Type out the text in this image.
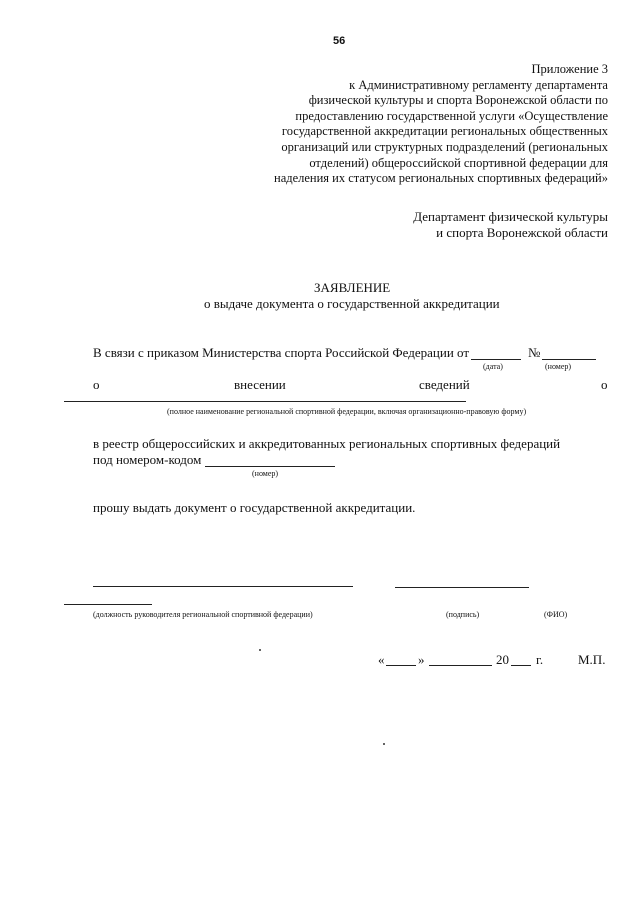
56
Приложение 3
к Административному регламенту департамента
физической культуры и спорта Воронежской области по
предоставлению государственной услуги «Осуществление
государственной аккредитации региональных общественных
организаций или структурных подразделений (региональных
отделений) общероссийской спортивной федерации для
наделения их статусом региональных спортивных федераций»
Департамент физической культуры
и спорта Воронежской области
ЗАЯВЛЕНИЕ
о выдаче документа о государственной аккредитации
В связи с приказом Министерства спорта Российской Федерации от	№
(дата)	(номер)
о	внесении	сведений	о
(полное наименование региональной спортивной федерации, включая организационно-правовую форму)
в реестр общероссийских и аккредитованных региональных спортивных федераций
под номером-кодом
(номер)
прошу выдать документ о государственной аккредитации.
(должность руководителя региональной спортивной федерации)	(подпись)	(ФИО)
«	»	20 г.	М.П.
